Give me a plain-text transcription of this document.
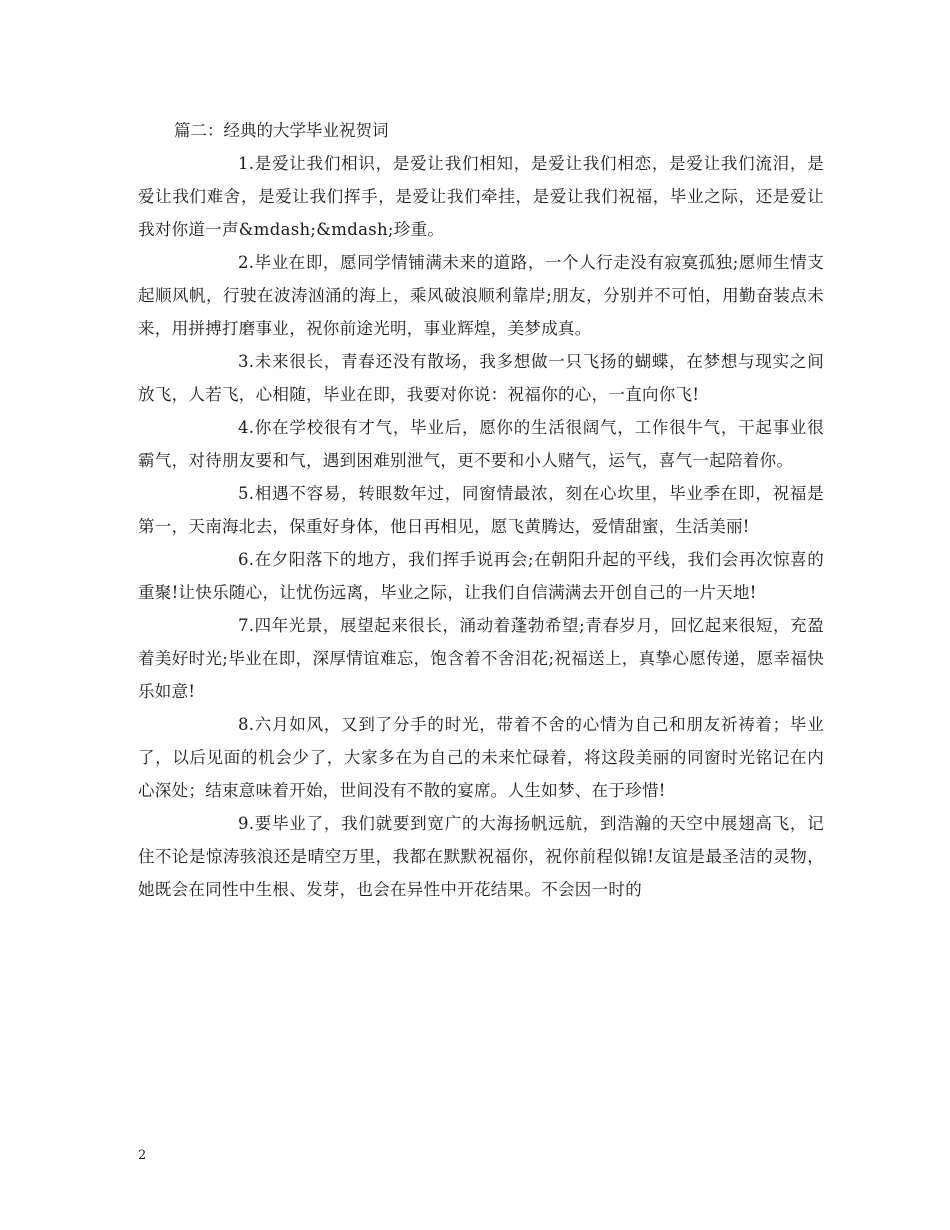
篇二：经典的大学毕业祝贺词

1.是爱让我们相识，是爱让我们相知，是爱让我们相恋，是爱让我们流泪，是爱让我们难舍，是爱让我们挥手，是爱让我们牵挂，是爱让我们祝福，毕业之际，还是爱让我对你道一声&mdash;&mdash;珍重。

2.毕业在即，愿同学情铺满未来的道路，一个人行走没有寂寞孤独;愿师生情支起顺风帆，行驶在波涛汹涌的海上，乘风破浪顺利靠岸;朋友，分别并不可怕，用勤奋装点未来，用拼搏打磨事业，祝你前途光明，事业辉煌，美梦成真。

3.未来很长，青春还没有散场，我多想做一只飞扬的蝴蝶，在梦想与现实之间放飞，人若飞，心相随，毕业在即，我要对你说：祝福你的心，一直向你飞!

4.你在学校很有才气，毕业后，愿你的生活很阔气，工作很牛气，干起事业很霸气，对待朋友要和气，遇到困难别泄气，更不要和小人赌气，运气，喜气一起陪着你。

5.相遇不容易，转眼数年过，同窗情最浓，刻在心坎里，毕业季在即，祝福是第一，天南海北去，保重好身体，他日再相见，愿飞黄腾达，爱情甜蜜，生活美丽!

6.在夕阳落下的地方，我们挥手说再会;在朝阳升起的平线，我们会再次惊喜的重聚!让快乐随心，让忧伤远离，毕业之际，让我们自信满满去开创自己的一片天地!

7.四年光景，展望起来很长，涌动着蓬勃希望;青春岁月，回忆起来很短，充盈着美好时光;毕业在即，深厚情谊难忘，饱含着不舍泪花;祝福送上，真挚心愿传递，愿幸福快乐如意!

8.六月如风，又到了分手的时光，带着不舍的心情为自己和朋友祈祷着；毕业了，以后见面的机会少了，大家多在为自己的未来忙碌着，将这段美丽的同窗时光铭记在内心深处；结束意味着开始，世间没有不散的宴席。人生如梦、在于珍惜!

9.要毕业了，我们就要到宽广的大海扬帆远航，到浩瀚的天空中展翅高飞，记住不论是惊涛骇浪还是晴空万里，我都在默默祝福你，祝你前程似锦!友谊是最圣洁的灵物，她既会在同性中生根、发芽，也会在异性中开花结果。不会因一时的

2
